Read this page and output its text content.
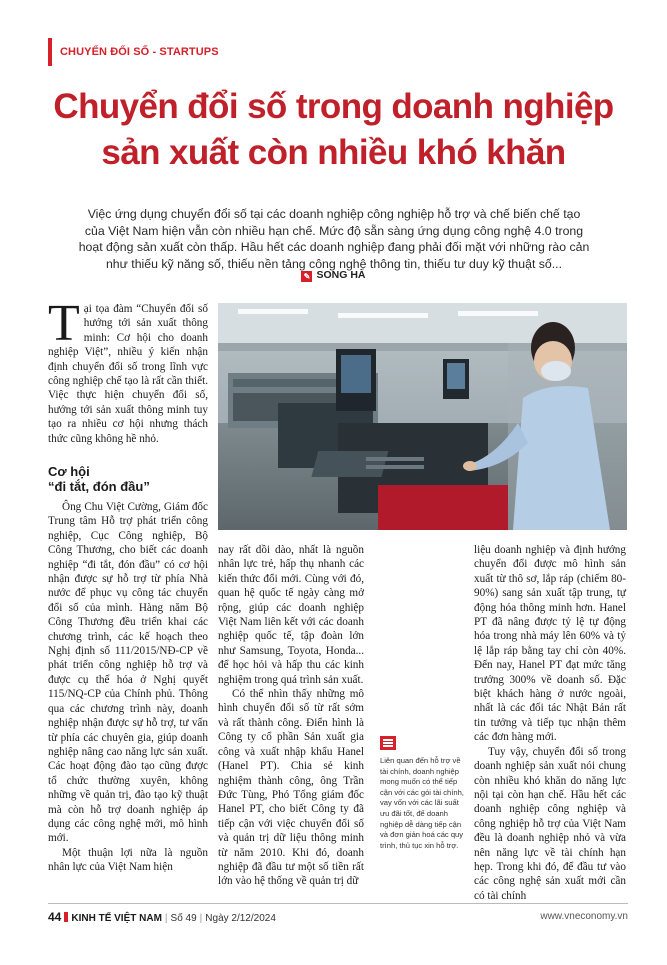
CHUYỂN ĐỔI SỐ - STARTUPS
Chuyển đổi số trong doanh nghiệp
sản xuất còn nhiều khó khăn
Việc ứng dụng chuyển đổi số tại các doanh nghiệp công nghiệp hỗ trợ và chế biến chế tạo của Việt Nam hiện vẫn còn nhiều hạn chế. Mức độ sẵn sàng ứng dụng công nghệ 4.0 trong hoạt động sản xuất còn thấp. Hầu hết các doanh nghiệp đang phải đối mặt với những rào cản như thiếu kỹ năng số, thiếu nền tảng công nghệ thông tin, thiếu tư duy kỹ thuật số...
✎ SONG HÀ

Tại tọa đàm “Chuyển đổi số hướng tới sản xuất thông minh: Cơ hội cho doanh nghiệp Việt”, nhiều ý kiến nhận định chuyển đổi số trong lĩnh vực công nghiệp chế tạo là rất cần thiết. Việc thực hiện chuyển đổi số, hướng tới sản xuất thông minh tuy tạo ra nhiều cơ hội nhưng thách thức cũng không hề nhỏ.

Cơ hội
“đi tắt, đón đầu”

Ông Chu Việt Cường, Giám đốc Trung tâm Hỗ trợ phát triển công nghiệp, Cục Công nghiệp, Bộ Công Thương, cho biết các doanh nghiệp “đi tắt, đón đầu” có cơ hội nhận được sự hỗ trợ từ phía Nhà nước để phục vụ công tác chuyển đổi số của mình. Hàng năm Bộ Công Thương đều triển khai các chương trình, các kế hoạch theo Nghị định số 111/2015/NĐ-CP về phát triển công nghiệp hỗ trợ và được cụ thể hóa ở Nghị quyết 115/NQ-CP của Chính phủ. Thông qua các chương trình này, doanh nghiệp nhận được sự hỗ trợ, tư vấn từ phía các chuyên gia, giúp doanh nghiệp nâng cao năng lực sản xuất. Các hoạt động đào tạo cũng được tổ chức thường xuyên, không những về quản trị, đào tạo kỹ thuật mà còn hỗ trợ doanh nghiệp áp dụng các công nghệ mới, mô hình mới.

Một thuận lợi nữa là nguồn nhân lực của Việt Nam hiện

nay rất dồi dào, nhất là nguồn nhân lực trẻ, hấp thụ nhanh các kiến thức đổi mới. Cùng với đó, quan hệ quốc tế ngày càng mở rộng, giúp các doanh nghiệp Việt Nam liên kết với các doanh nghiệp quốc tế, tập đoàn lớn như Samsung, Toyota, Honda... để học hỏi và hấp thu các kinh nghiệm trong quá trình sản xuất.

Có thể nhìn thấy những mô hình chuyển đổi số từ rất sớm và rất thành công. Điển hình là Công ty cổ phần Sản xuất gia công và xuất nhập khẩu Hanel (Hanel PT). Chia sẻ kinh nghiệm thành công, ông Trần Đức Tùng, Phó Tổng giám đốc Hanel PT, cho biết Công ty đã tiếp cận với việc chuyển đổi số và quản trị dữ liệu thông minh từ năm 2010. Khi đó, doanh nghiệp đã đầu tư một số tiền rất lớn vào hệ thống về quản trị dữ

Liên quan đến hỗ trợ về tài chính, doanh nghiệp mong muốn có thể tiếp cận với các gói tài chính, vay vốn với các lãi suất ưu đãi tốt, để doanh nghiệp dễ dàng tiếp cận và đơn giản hoá các quy trình, thủ tục xin hỗ trợ.

liệu doanh nghiệp và định hướng chuyển đổi được mô hình sản xuất từ thô sơ, lắp ráp (chiếm 80-90%) sang sản xuất tập trung, tự động hóa thông minh hơn. Hanel PT đã nâng được tỷ lệ tự động hóa trong nhà máy lên 60% và tỷ lệ lắp ráp bằng tay chỉ còn 40%. Đến nay, Hanel PT đạt mức tăng trưởng 300% về doanh số. Đặc biệt khách hàng ở nước ngoài, nhất là các đối tác Nhật Bản rất tin tưởng và tiếp tục nhận thêm các đơn hàng mới.

Tuy vậy, chuyển đổi số trong doanh nghiệp sản xuất nói chung còn nhiều khó khăn do năng lực nội tại còn hạn chế. Hầu hết các doanh nghiệp công nghiệp và công nghiệp hỗ trợ của Việt Nam đều là doanh nghiệp nhỏ và vừa nên năng lực về tài chính hạn hẹp. Trong khi đó, để đầu tư vào các công nghệ sản xuất mới cần có tài chính

44 KINH TẾ VIỆT NAM | Số 49 | Ngày 2/12/2024	www.vneconomy.vn
